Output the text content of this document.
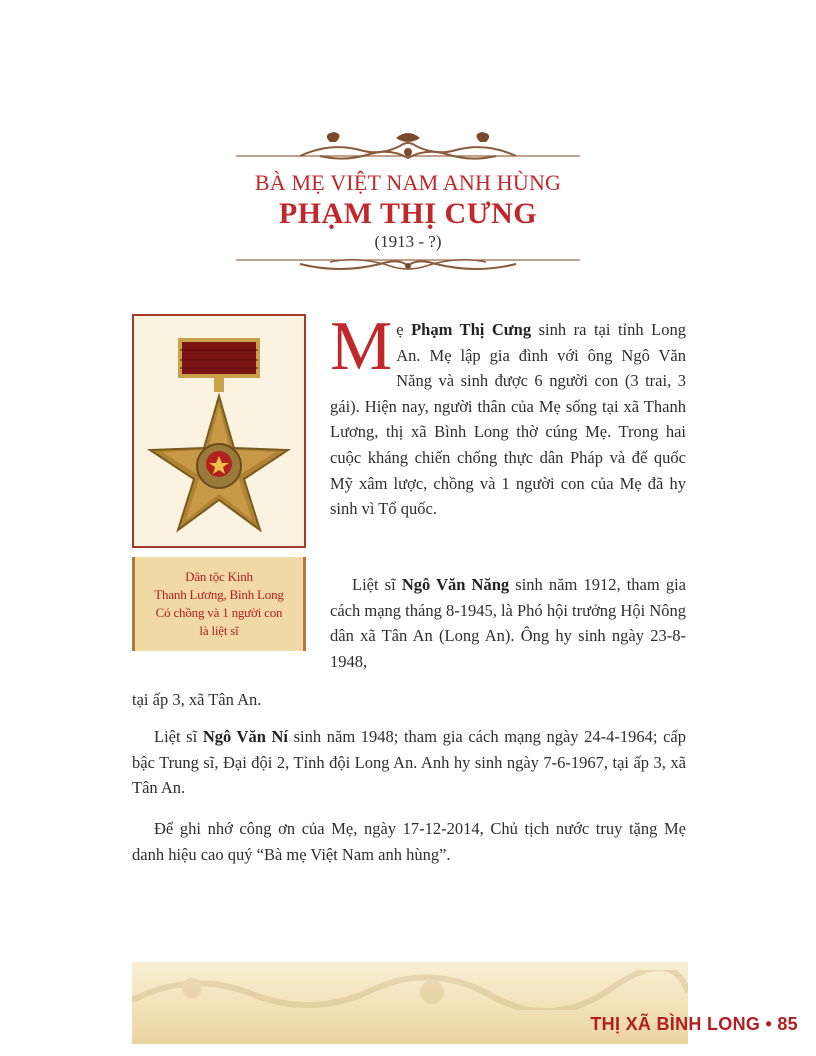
BÀ MẸ VIỆT NAM ANH HÙNG
PHẠM THỊ CƯNG
(1913 - ?)
Dân tộc Kinh
Thanh Lương, Bình Long
Có chồng và 1 người con
là liệt sĩ
Mẹ Phạm Thị Cưng sinh ra tại tỉnh Long An. Mẹ lập gia đình với ông Ngô Văn Năng và sinh được 6 người con (3 trai, 3 gái). Hiện nay, người thân của Mẹ sống tại xã Thanh Lương, thị xã Bình Long thờ cúng Mẹ. Trong hai cuộc kháng chiến chống thực dân Pháp và đế quốc Mỹ xâm lược, chồng và 1 người con của Mẹ đã hy sinh vì Tổ quốc.
Liệt sĩ Ngô Văn Năng sinh năm 1912, tham gia cách mạng tháng 8-1945, là Phó hội trưởng Hội Nông dân xã Tân An (Long An). Ông hy sinh ngày 23-8-1948,
tại ấp 3, xã Tân An.
Liệt sĩ Ngô Văn Ní sinh năm 1948; tham gia cách mạng ngày 24-4-1964; cấp bậc Trung sĩ, Đại đội 2, Tỉnh đội Long An. Anh hy sinh ngày 7-6-1967, tại ấp 3, xã Tân An.
Để ghi nhớ công ơn của Mẹ, ngày 17-12-2014, Chủ tịch nước truy tặng Mẹ danh hiệu cao quý “Bà mẹ Việt Nam anh hùng”.
THỊ XÃ BÌNH LONG • 85
